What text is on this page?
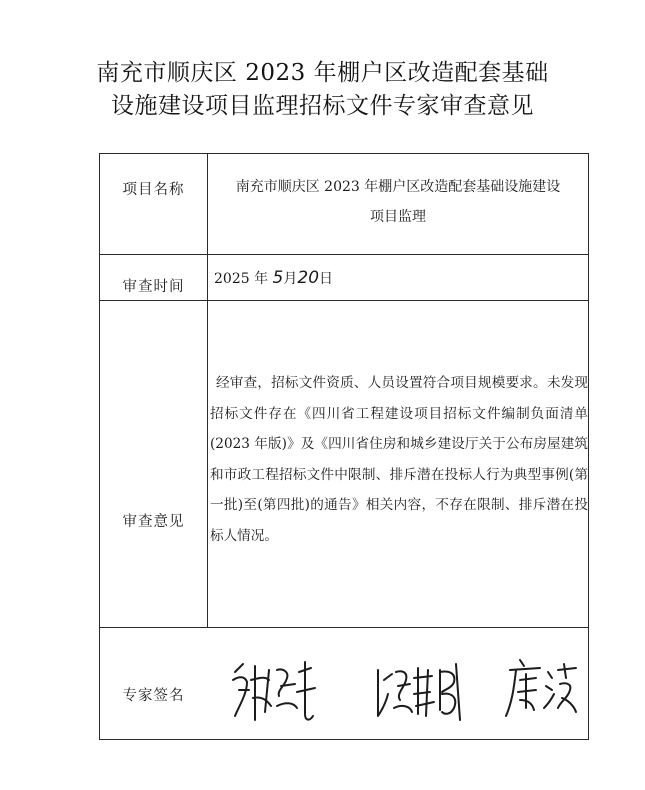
南充市顺庆区 2023 年棚户区改造配套基础
设施建设项目监理招标文件专家审查意见
项目名称	南充市顺庆区 2023 年棚户区改造配套基础设施建设
项目监理
审查时间	2025 年 5月20日
审查意见
经审查，招标文件资质、人员设置符合项目规模要求。未发现招标文件存在《四川省工程建设项目招标文件编制负面清单(2023 年版)》及《四川省住房和城乡建设厅关于公布房屋建筑和市政工程招标文件中限制、排斥潜在投标人行为典型事例(第一批)至(第四批)的通告》相关内容，不存在限制、排斥潜在投标人情况。
专家签名
